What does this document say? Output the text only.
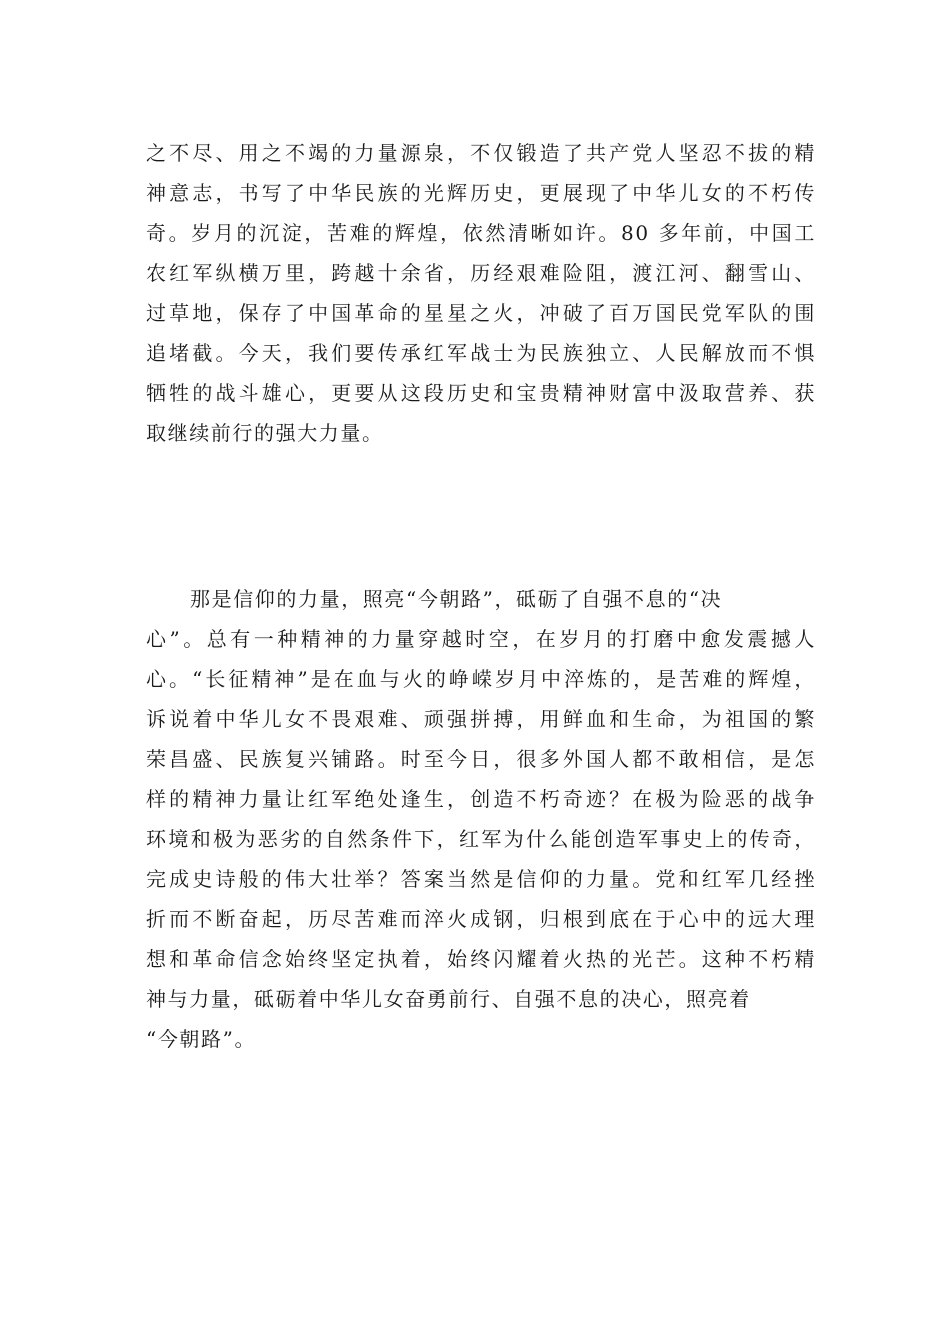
之不尽、用之不竭的力量源泉，不仅锻造了共产党人坚忍不拔的精
神意志，书写了中华民族的光辉历史，更展现了中华儿女的不朽传
奇。岁月的沉淀，苦难的辉煌，依然清晰如许。80 多年前，中国工
农红军纵横万里，跨越十余省，历经艰难险阻，渡江河、翻雪山、
过草地，保存了中国革命的星星之火，冲破了百万国民党军队的围
追堵截。今天，我们要传承红军战士为民族独立、人民解放而不惧
牺牲的战斗雄心，更要从这段历史和宝贵精神财富中汲取营养、获
取继续前行的强大力量。
那是信仰的力量，照亮“今朝路”，砥砺了自强不息的“决
心”。总有一种精神的力量穿越时空，在岁月的打磨中愈发震撼人
心。“长征精神”是在血与火的峥嵘岁月中淬炼的，是苦难的辉煌，
诉说着中华儿女不畏艰难、顽强拼搏，用鲜血和生命，为祖国的繁
荣昌盛、民族复兴铺路。时至今日，很多外国人都不敢相信，是怎
样的精神力量让红军绝处逢生，创造不朽奇迹？在极为险恶的战争
环境和极为恶劣的自然条件下，红军为什么能创造军事史上的传奇，
完成史诗般的伟大壮举？答案当然是信仰的力量。党和红军几经挫
折而不断奋起，历尽苦难而淬火成钢，归根到底在于心中的远大理
想和革命信念始终坚定执着，始终闪耀着火热的光芒。这种不朽精
神与力量，砥砺着中华儿女奋勇前行、自强不息的决心，照亮着
“今朝路”。
